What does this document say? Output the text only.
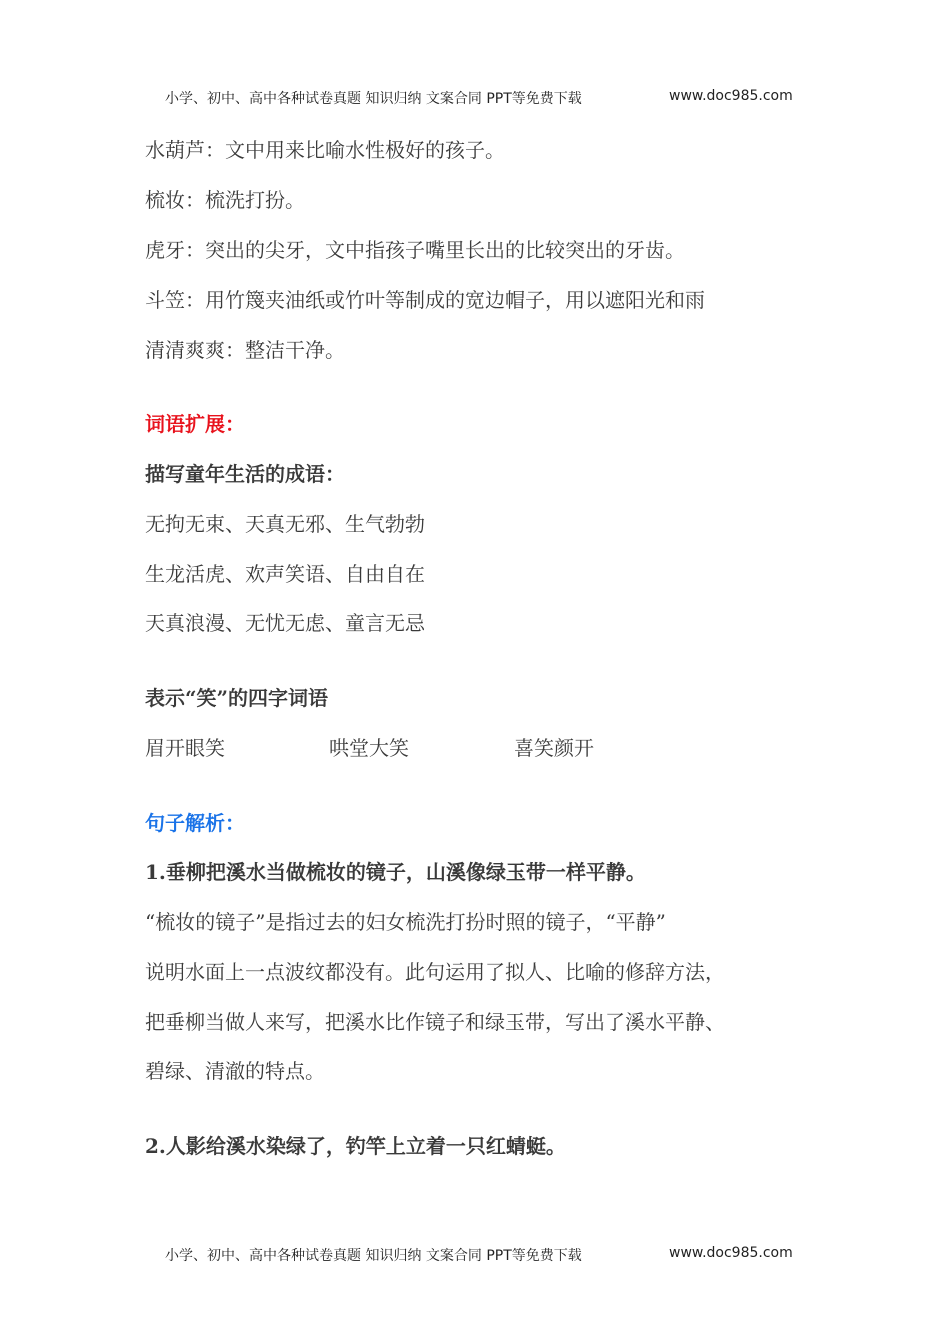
小学、初中、高中各种试卷真题 知识归纳 文案合同 PPT等免费下载	www.doc985.com
水葫芦：文中用来比喻水性极好的孩子。
梳妆：梳洗打扮。
虎牙：突出的尖牙，文中指孩子嘴里长出的比较突出的牙齿。
斗笠：用竹篾夹油纸或竹叶等制成的宽边帽子，用以遮阳光和雨
清清爽爽：整洁干净。
词语扩展：
描写童年生活的成语：
无拘无束、天真无邪、生气勃勃
生龙活虎、欢声笑语、自由自在
天真浪漫、无忧无虑、童言无忌
表示“笑”的四字词语
眉开眼笑	哄堂大笑	喜笑颜开
句子解析：
1.垂柳把溪水当做梳妆的镜子，山溪像绿玉带一样平静。
“梳妆的镜子”是指过去的妇女梳洗打扮时照的镜子，“平静”
说明水面上一点波纹都没有。此句运用了拟人、比喻的修辞方法，
把垂柳当做人来写，把溪水比作镜子和绿玉带，写出了溪水平静、
碧绿、清澈的特点。
2.人影给溪水染绿了，钓竿上立着一只红蜻蜓。
小学、初中、高中各种试卷真题 知识归纳 文案合同 PPT等免费下载	www.doc985.com
